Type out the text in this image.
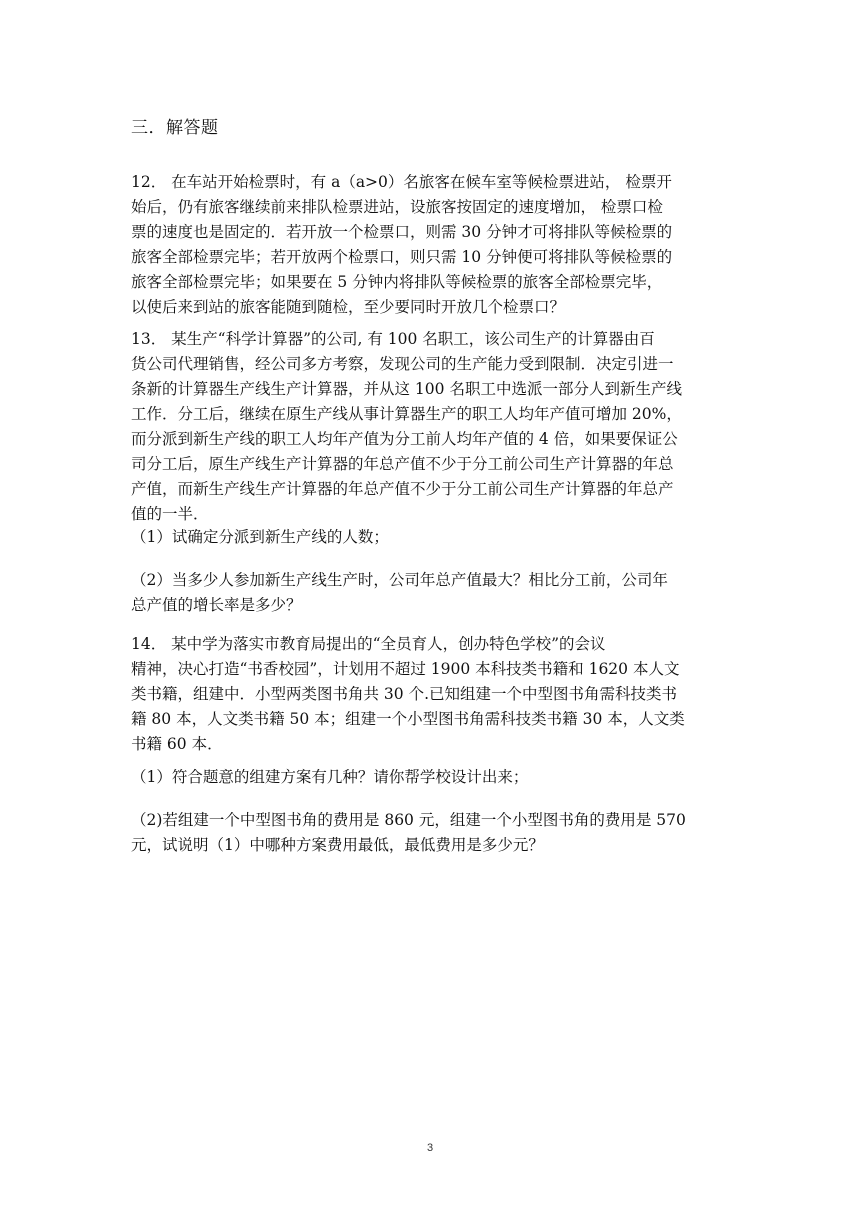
三．解答题
12． 在车站开始检票时，有 a（a>0）名旅客在候车室等候检票进站， 检票开
始后，仍有旅客继续前来排队检票进站，设旅客按固定的速度增加， 检票口检
票的速度也是固定的．若开放一个检票口，则需 30 分钟才可将排队等候检票的
旅客全部检票完毕；若开放两个检票口，则只需 10 分钟便可将排队等候检票的
旅客全部检票完毕；如果要在 5 分钟内将排队等候检票的旅客全部检票完毕，
以使后来到站的旅客能随到随检，至少要同时开放几个检票口？
13． 某生产“科学计算器”的公司, 有 100 名职工，该公司生产的计算器由百
货公司代理销售，经公司多方考察，发现公司的生产能力受到限制．决定引进一
条新的计算器生产线生产计算器，并从这 100 名职工中选派一部分人到新生产线
工作．分工后，继续在原生产线从事计算器生产的职工人均年产值可增加 20%，
而分派到新生产线的职工人均年产值为分工前人均年产值的 4 倍，如果要保证公
司分工后，原生产线生产计算器的年总产值不少于分工前公司生产计算器的年总
产值，而新生产线生产计算器的年总产值不少于分工前公司生产计算器的年总产
值的一半．
（1）试确定分派到新生产线的人数；
（2）当多少人参加新生产线生产时，公司年总产值最大？相比分工前，公司年
总产值的增长率是多少？
14． 某中学为落实市教育局提出的“全员育人，创办特色学校”的会议
精神，决心打造“书香校园”，计划用不超过 1900 本科技类书籍和 1620 本人文
类书籍，组建中．小型两类图书角共 30 个.已知组建一个中型图书角需科技类书
籍 80 本，人文类书籍 50 本；组建一个小型图书角需科技类书籍 30 本，人文类
书籍 60 本．
（1）符合题意的组建方案有几种？请你帮学校设计出来；
（2)若组建一个中型图书角的费用是 860 元，组建一个小型图书角的费用是 570
元，试说明（1）中哪种方案费用最低，最低费用是多少元？
3
